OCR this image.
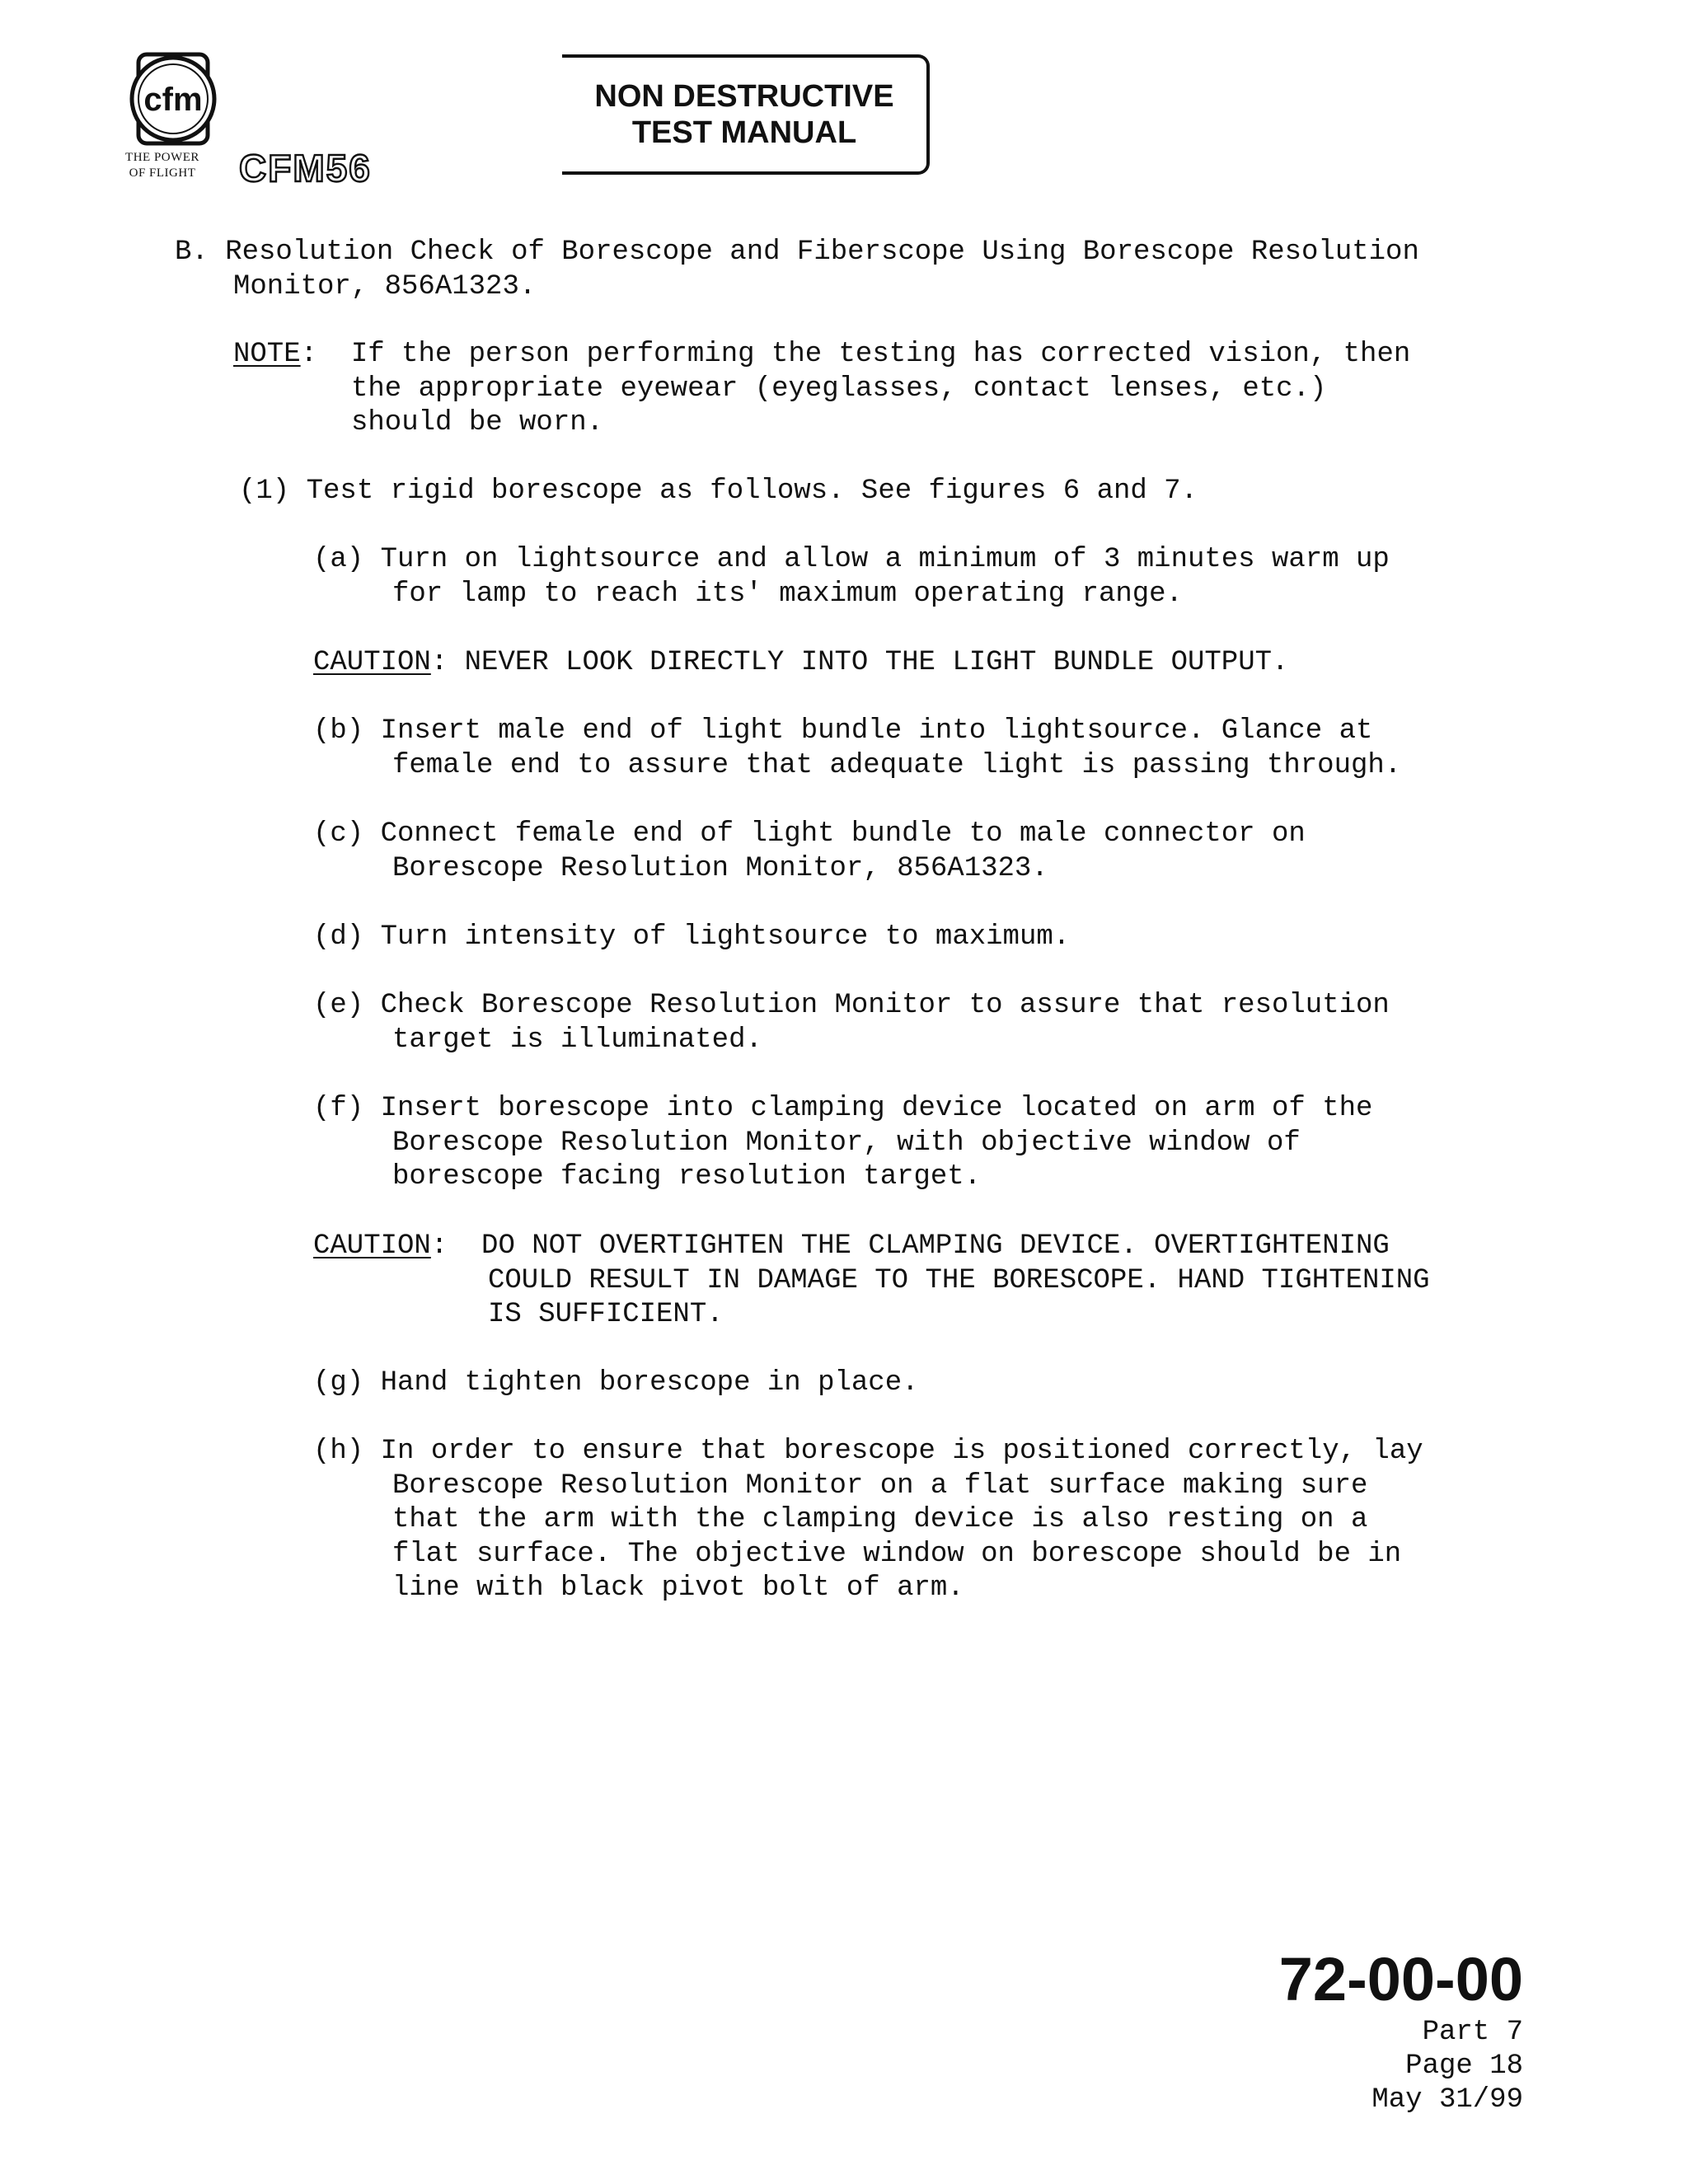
cfm
THE POWER
OF FLIGHT	CFM56
NON DESTRUCTIVE
TEST MANUAL
B. Resolution Check of Borescope and Fiberscope Using Borescope Resolution
Monitor, 856A1323.
NOTE:  If the person performing the testing has corrected vision, then
the appropriate eyewear (eyeglasses, contact lenses, etc.)
should be worn.
(1) Test rigid borescope as follows. See figures 6 and 7.
(a) Turn on lightsource and allow a minimum of 3 minutes warm up
for lamp to reach its' maximum operating range.
CAUTION: NEVER LOOK DIRECTLY INTO THE LIGHT BUNDLE OUTPUT.
(b) Insert male end of light bundle into lightsource. Glance at
female end to assure that adequate light is passing through.
(c) Connect female end of light bundle to male connector on
Borescope Resolution Monitor, 856A1323.
(d) Turn intensity of lightsource to maximum.
(e) Check Borescope Resolution Monitor to assure that resolution
target is illuminated.
(f) Insert borescope into clamping device located on arm of the
Borescope Resolution Monitor, with objective window of
borescope facing resolution target.
CAUTION:  DO NOT OVERTIGHTEN THE CLAMPING DEVICE. OVERTIGHTENING
COULD RESULT IN DAMAGE TO THE BORESCOPE. HAND TIGHTENING
IS SUFFICIENT.
(g) Hand tighten borescope in place.
(h) In order to ensure that borescope is positioned correctly, lay
Borescope Resolution Monitor on a flat surface making sure
that the arm with the clamping device is also resting on a
flat surface. The objective window on borescope should be in
line with black pivot bolt of arm.
72-00-00
Part 7
Page 18
May 31/99
